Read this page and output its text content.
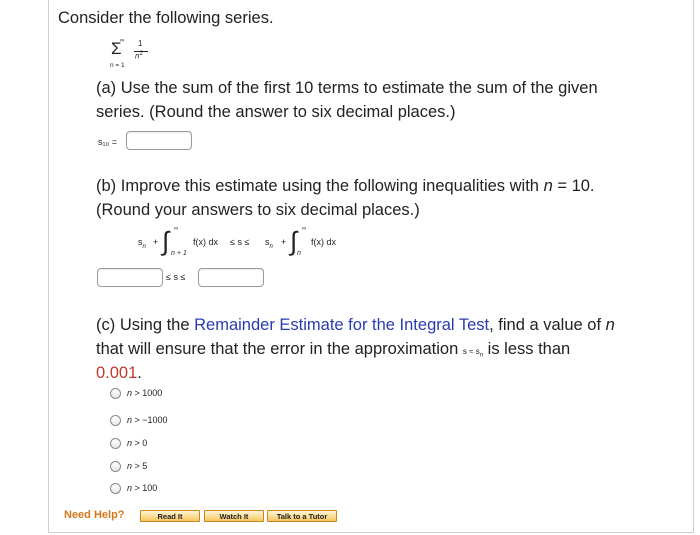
Consider the following series.
∞
Σ
n = 1
1
$n^2$
(a) Use the sum of the first 10 terms to estimate the sum of the given
series. (Round the answer to six decimal places.)
s₁₀ =
(b) Improve this estimate using the following inequalities with n = 10.
(Round your answers to six decimal places.)
$s_n$ + ∫ ∞
n + 1
f(x) dx ≤ $s \le s_n$ + ∫ ∞
n
f(x) dx
≤ s ≤
(c) Using the Remainder Estimate for the Integral Test, find a value of n
that will ensure that the error in the approximation $s \approx s_n$ is less than
0.001.
n > 1000
n > −1000
n > 0
n > 5
n > 100
Need Help?	Read It	Watch It	Talk to a Tutor
